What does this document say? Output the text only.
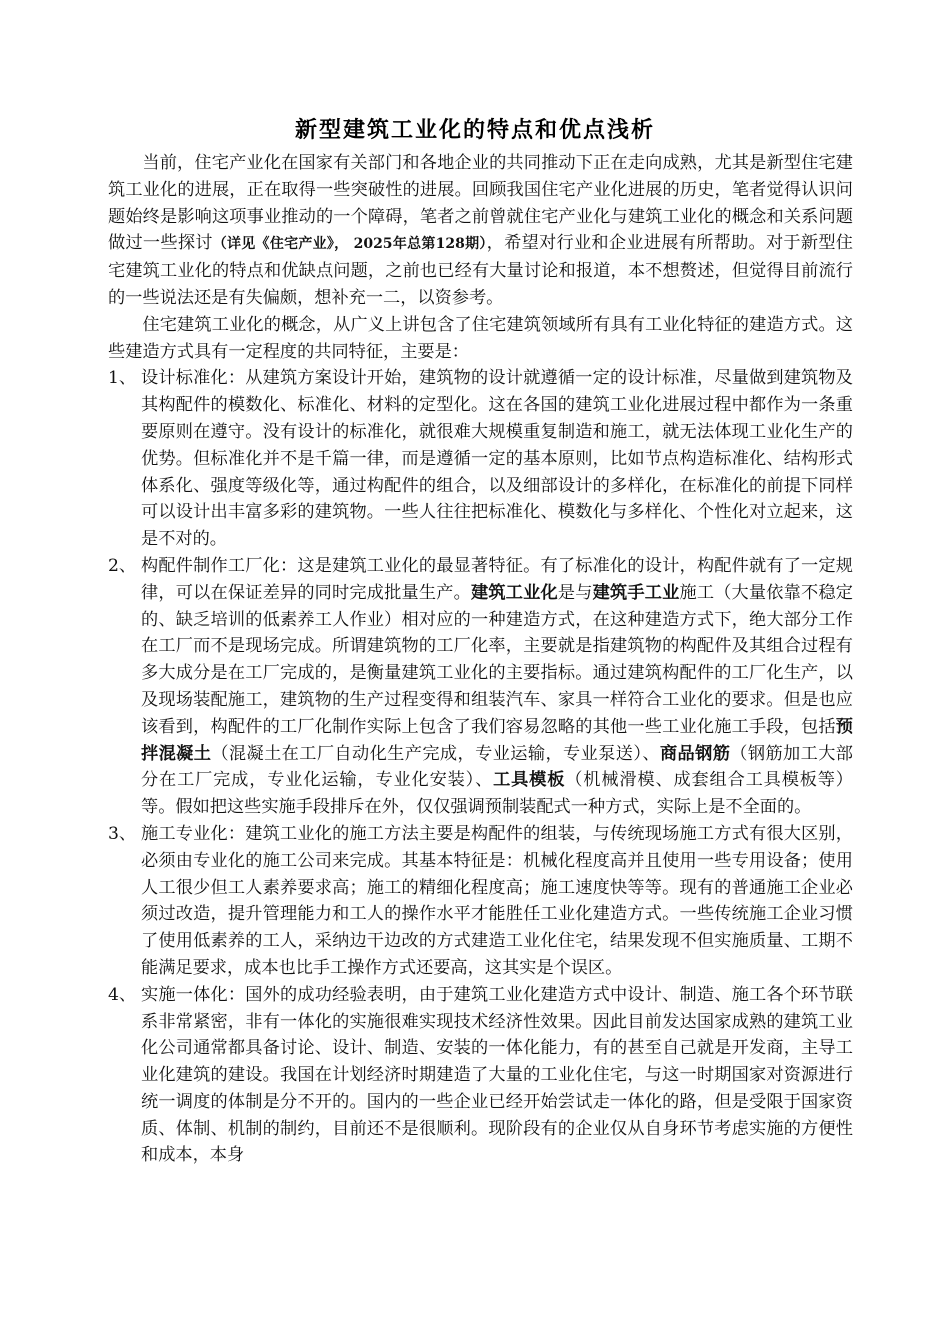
新型建筑工业化的特点和优点浅析

当前，住宅产业化在国家有关部门和各地企业的共同推动下正在走向成熟，尤其是新型住宅建筑工业化的进展，正在取得一些突破性的进展。回顾我国住宅产业化进展的历史，笔者觉得认识问题始终是影响这项事业推动的一个障碍，笔者之前曾就住宅产业化与建筑工业化的概念和关系问题做过一些探讨（详见《住宅产业》， 2025年总第128期），希望对行业和企业进展有所帮助。对于新型住宅建筑工业化的特点和优缺点问题，之前也已经有大量讨论和报道，本不想赘述，但觉得目前流行的一些说法还是有失偏颇，想补充一二，以资参考。

住宅建筑工业化的概念，从广义上讲包含了住宅建筑领域所有具有工业化特征的建造方式。这些建造方式具有一定程度的共同特征，主要是：

1、 设计标准化：从建筑方案设计开始，建筑物的设计就遵循一定的设计标准，尽量做到建筑物及其构配件的模数化、标准化、材料的定型化。这在各国的建筑工业化进展过程中都作为一条重要原则在遵守。没有设计的标准化，就很难大规模重复制造和施工，就无法体现工业化生产的优势。但标准化并不是千篇一律，而是遵循一定的基本原则，比如节点构造标准化、结构形式体系化、强度等级化等，通过构配件的组合，以及细部设计的多样化，在标准化的前提下同样可以设计出丰富多彩的建筑物。一些人往往把标准化、模数化与多样化、个性化对立起来，这是不对的。
2、 构配件制作工厂化：这是建筑工业化的最显著特征。有了标准化的设计，构配件就有了一定规律，可以在保证差异的同时完成批量生产。建筑工业化是与建筑手工业施工（大量依靠不稳定的、缺乏培训的低素养工人作业）相对应的一种建造方式，在这种建造方式下，绝大部分工作在工厂而不是现场完成。所谓建筑物的工厂化率，主要就是指建筑物的构配件及其组合过程有多大成分是在工厂完成的，是衡量建筑工业化的主要指标。通过建筑构配件的工厂化生产，以及现场装配施工，建筑物的生产过程变得和组装汽车、家具一样符合工业化的要求。但是也应该看到，构配件的工厂化制作实际上包含了我们容易忽略的其他一些工业化施工手段，包括预拌混凝土（混凝土在工厂自动化生产完成，专业运输，专业泵送）、商品钢筋（钢筋加工大部分在工厂完成，专业化运输，专业化安装）、工具模板（机械滑模、成套组合工具模板等）等。假如把这些实施手段排斥在外，仅仅强调预制装配式一种方式，实际上是不全面的。
3、 施工专业化：建筑工业化的施工方法主要是构配件的组装，与传统现场施工方式有很大区别，必须由专业化的施工公司来完成。其基本特征是：机械化程度高并且使用一些专用设备；使用人工很少但工人素养要求高；施工的精细化程度高；施工速度快等等。现有的普通施工企业必须过改造，提升管理能力和工人的操作水平才能胜任工业化建造方式。一些传统施工企业习惯了使用低素养的工人，采纳边干边改的方式建造工业化住宅，结果发现不但实施质量、工期不能满足要求，成本也比手工操作方式还要高，这其实是个误区。
4、 实施一体化：国外的成功经验表明，由于建筑工业化建造方式中设计、制造、施工各个环节联系非常紧密，非有一体化的实施很难实现技术经济性效果。因此目前发达国家成熟的建筑工业化公司通常都具备讨论、设计、制造、安装的一体化能力，有的甚至自己就是开发商，主导工业化建筑的建设。我国在计划经济时期建造了大量的工业化住宅，与这一时期国家对资源进行统一调度的体制是分不开的。国内的一些企业已经开始尝试走一体化的路，但是受限于国家资质、体制、机制的制约，目前还不是很顺利。现阶段有的企业仅从自身环节考虑实施的方便性和成本，本身
